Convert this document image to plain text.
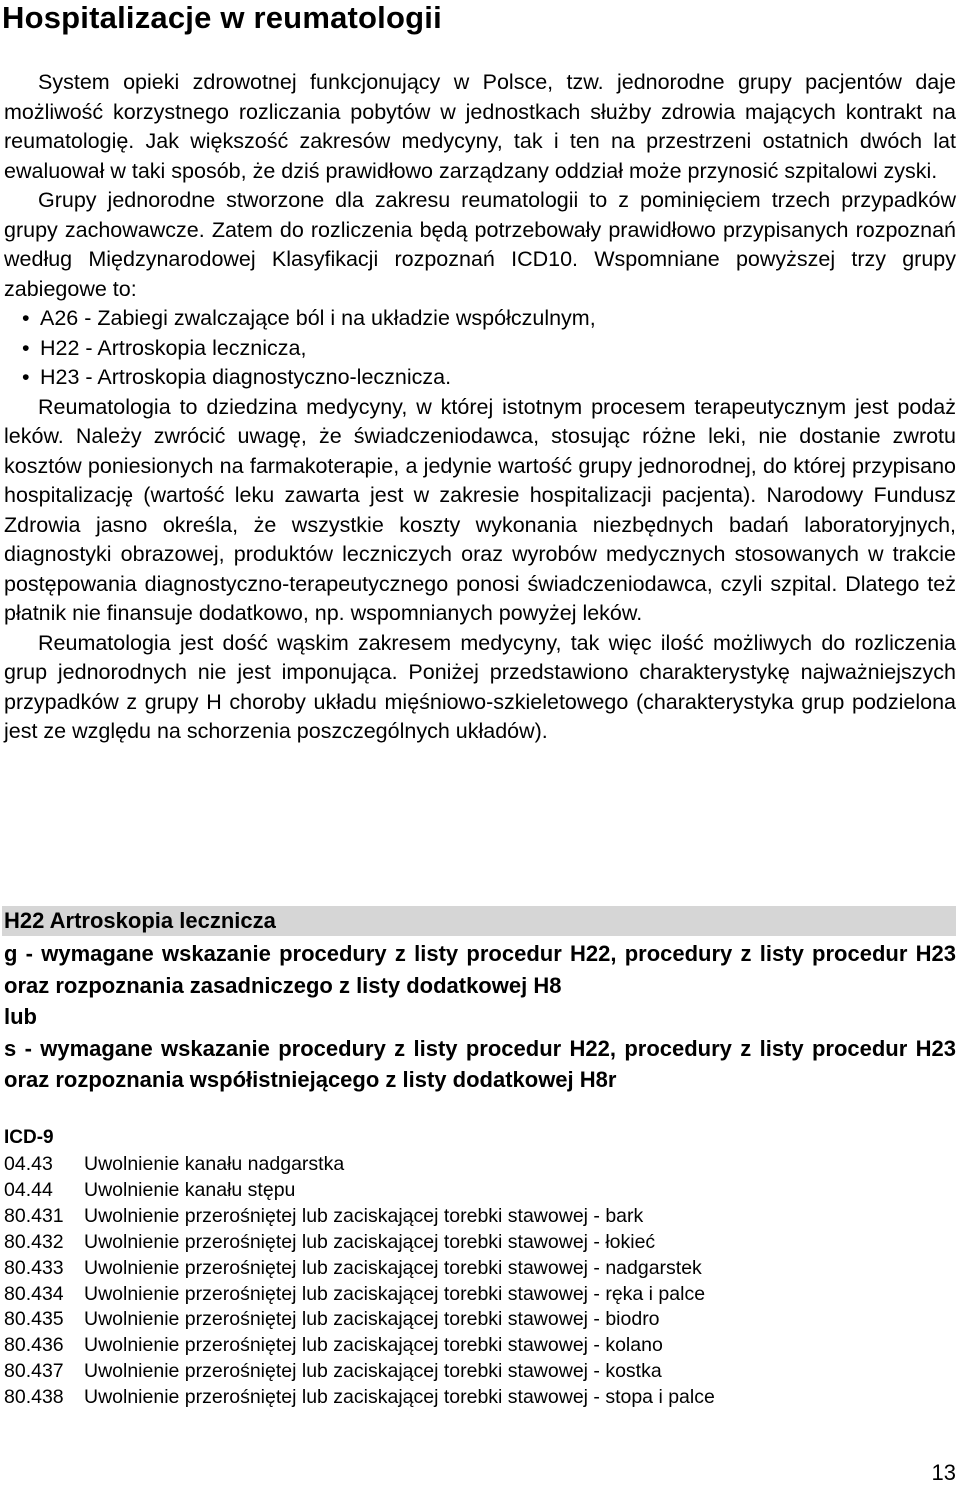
Hospitalizacje w reumatologii

System opieki zdrowotnej funkcjonujący w Polsce, tzw. jednorodne grupy pacjentów daje możliwość korzystnego rozliczania pobytów w jednostkach służby zdrowia mających kontrakt na reumatologię. Jak większość zakresów medycyny, tak i ten na przestrzeni ostatnich dwóch lat ewaluował w taki sposób, że dziś prawidłowo zarządzany oddział może przynosić szpitalowi zyski.

Grupy jednorodne stworzone dla zakresu reumatologii to z pominięciem trzech przypadków grupy zachowawcze. Zatem do rozliczenia będą potrzebowały prawidłowo przypisanych rozpoznań według Międzynarodowej Klasyfikacji rozpoznań ICD10. Wspomniane powyższej trzy grupy zabiegowe to:

• A26 - Zabiegi zwalczające ból i na układzie współczulnym,
• H22 - Artroskopia lecznicza,
• H23 - Artroskopia diagnostyczno-lecznicza.

Reumatologia to dziedzina medycyny, w której istotnym procesem terapeutycznym jest podaż leków. Należy zwrócić uwagę, że świadczeniodawca, stosując różne leki, nie dostanie zwrotu kosztów poniesionych na farmakoterapie, a jedynie wartość grupy jednorodnej, do której przypisano hospitalizację (wartość leku zawarta jest w zakresie hospitalizacji pacjenta). Narodowy Fundusz Zdrowia jasno określa, że wszystkie koszty wykonania niezbędnych badań laboratoryjnych, diagnostyki obrazowej, produktów leczniczych oraz wyrobów medycznych stosowanych w trakcie postępowania diagnostyczno-terapeutycznego ponosi świadczeniodawca, czyli szpital. Dlatego też płatnik nie finansuje dodatkowo, np. wspomnianych powyżej leków.

Reumatologia jest dość wąskim zakresem medycyny, tak więc ilość możliwych do rozliczenia grup jednorodnych nie jest imponująca. Poniżej przedstawiono charakterystykę najważniejszych przypadków z grupy H choroby układu mięśniowo-szkieletowego (charakterystyka grup podzielona jest ze względu na schorzenia poszczególnych układów).

H22 Artroskopia lecznicza
g - wymagane wskazanie procedury z listy procedur H22, procedury z listy procedur H23 oraz rozpoznania zasadniczego z listy dodatkowej H8
lub
s - wymagane wskazanie procedury z listy procedur H22, procedury z listy procedur H23 oraz rozpoznania współistniejącego z listy dodatkowej H8r
ICD-9
04.43 Uwolnienie kanału nadgarstka
04.44 Uwolnienie kanału stępu
80.431 Uwolnienie przerośniętej lub zaciskającej torebki stawowej - bark
80.432 Uwolnienie przerośniętej lub zaciskającej torebki stawowej - łokieć
80.433 Uwolnienie przerośniętej lub zaciskającej torebki stawowej - nadgarstek
80.434 Uwolnienie przerośniętej lub zaciskającej torebki stawowej - ręka i palce
80.435 Uwolnienie przerośniętej lub zaciskającej torebki stawowej - biodro
80.436 Uwolnienie przerośniętej lub zaciskającej torebki stawowej - kolano
80.437 Uwolnienie przerośniętej lub zaciskającej torebki stawowej - kostka
80.438 Uwolnienie przerośniętej lub zaciskającej torebki stawowej - stopa i palce
13
